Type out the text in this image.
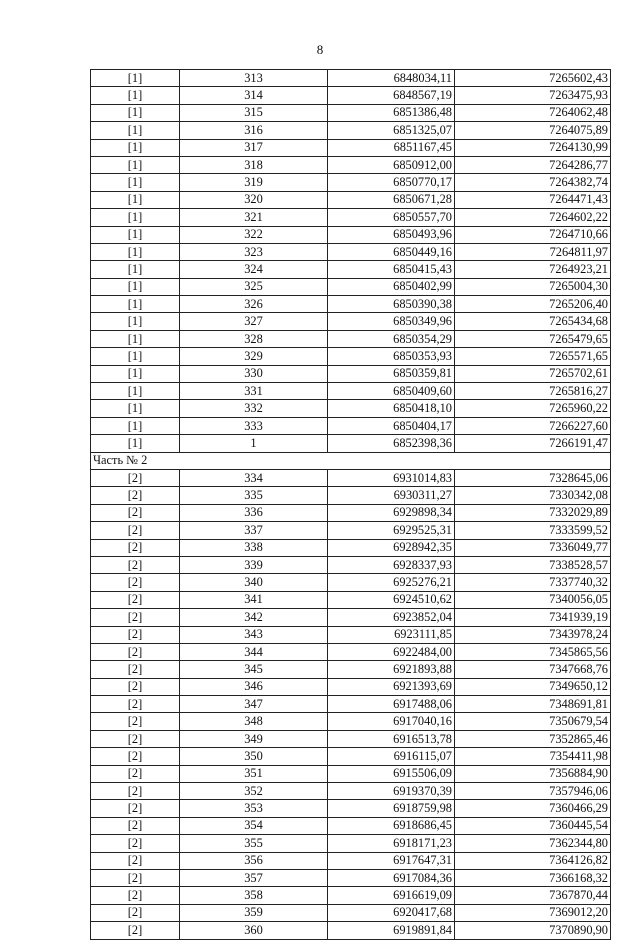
8
[1]	313	6848034,11	7265602,43
[1]	314	6848567,19	7263475,93
[1]	315	6851386,48	7264062,48
[1]	316	6851325,07	7264075,89
[1]	317	6851167,45	7264130,99
[1]	318	6850912,00	7264286,77
[1]	319	6850770,17	7264382,74
[1]	320	6850671,28	7264471,43
[1]	321	6850557,70	7264602,22
[1]	322	6850493,96	7264710,66
[1]	323	6850449,16	7264811,97
[1]	324	6850415,43	7264923,21
[1]	325	6850402,99	7265004,30
[1]	326	6850390,38	7265206,40
[1]	327	6850349,96	7265434,68
[1]	328	6850354,29	7265479,65
[1]	329	6850353,93	7265571,65
[1]	330	6850359,81	7265702,61
[1]	331	6850409,60	7265816,27
[1]	332	6850418,10	7265960,22
[1]	333	6850404,17	7266227,60
[1]	1	6852398,36	7266191,47
Часть № 2			
[2]	334	6931014,83	7328645,06
[2]	335	6930311,27	7330342,08
[2]	336	6929898,34	7332029,89
[2]	337	6929525,31	7333599,52
[2]	338	6928942,35	7336049,77
[2]	339	6928337,93	7338528,57
[2]	340	6925276,21	7337740,32
[2]	341	6924510,62	7340056,05
[2]	342	6923852,04	7341939,19
[2]	343	6923111,85	7343978,24
[2]	344	6922484,00	7345865,56
[2]	345	6921893,88	7347668,76
[2]	346	6921393,69	7349650,12
[2]	347	6917488,06	7348691,81
[2]	348	6917040,16	7350679,54
[2]	349	6916513,78	7352865,46
[2]	350	6916115,07	7354411,98
[2]	351	6915506,09	7356884,90
[2]	352	6919370,39	7357946,06
[2]	353	6918759,98	7360466,29
[2]	354	6918686,45	7360445,54
[2]	355	6918171,23	7362344,80
[2]	356	6917647,31	7364126,82
[2]	357	6917084,36	7366168,32
[2]	358	6916619,09	7367870,44
[2]	359	6920417,68	7369012,20
[2]	360	6919891,84	7370890,90
